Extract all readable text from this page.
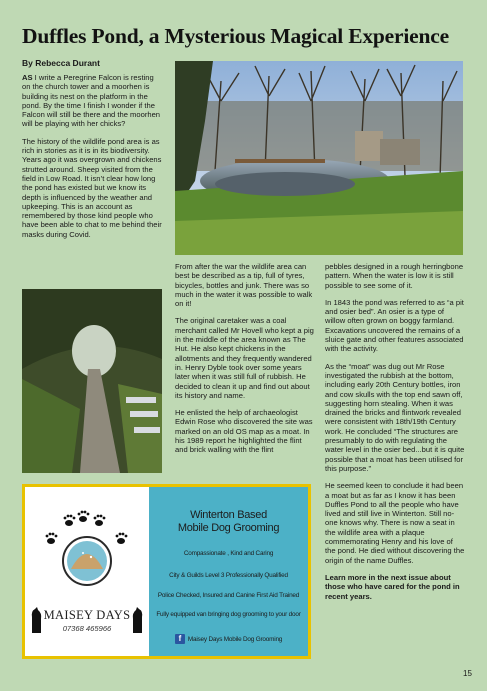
Duffles Pond, a Mysterious Magical Experience
By Rebecca Durant

AS I write a Peregrine Falcon is resting on the church tower and a moorhen is building its nest on the platform in the pond. By the time I finish I wonder if the Falcon will still be there and the moorhen will be playing with her chicks?

The history of the wildlife pond area is as rich in stories as it is in its biodiversity. Years ago it was overgrown and chickens strutted around. Sheep visited from the field in Low Road. It isn’t clear how long the pond has existed but we know its depth is influenced by the weather and upkeeping. This is an account as remembered by those kind people who have been able to chat to me behind their masks during Covid.

From after the war the wildlife area can best be described as a tip, full of tyres, bicycles, bottles and junk. There was so much in the water it was possible to walk on it!

The original caretaker was a coal merchant called Mr Hovell who kept a pig in the middle of the area known as The Hut. He also kept chickens in the allotments and they frequently wandered in. Henry Dyble took over some years later when it was still full of rubbish. He decided to clean it up and find out about its history and name.

He enlisted the help of archaeologist Edwin Rose who discovered the site was marked on an old OS map as a moat. In his 1989 report he highlighted the flint and brick walling with the flint

pebbles designed in a rough herringbone pattern. When the water is low it is still possible to see some of it.

In 1843 the pond was referred to as “a pit and osier bed”. An osier is a type of willow often grown on boggy farmland. Excavations uncovered the remains of a sluice gate and other features associated with the activity.

As the “moat” was dug out Mr Rose investigated the rubbish at the bottom, including early 20th Century bottles, iron and cow skulls with the top end sawn off, suggesting horn stealing. When it was drained the bricks and flintwork revealed were consistent with 18th/19th Century work. He concluded “The structures are presumably to do with regulating the water level in the osier bed...but it is quite possible that a moat has been utilised for this purpose.”

He seemed keen to conclude it had been a moat but as far as I know it has been Duffles Pond to all the people who have lived and still live in Winterton. Still no-one knows why. There is now a seat in the wildlife area with a plaque commemorating Henry and his love of the pond. He died without discovering the origin of the name Duffles.

Learn more in the next issue about those who have cared for the pond in recent years.

MAISEY DAYS
07368 465966
Winterton Based
Mobile Dog Grooming
Compassionate , Kind and Caring
City & Guilds Level 3 Professionally Qualified
Police Checked, Insured and Canine First Aid Trained
Fully equipped van bringing dog grooming to your door
f	Maisey Days Mobile Dog Grooming
15
